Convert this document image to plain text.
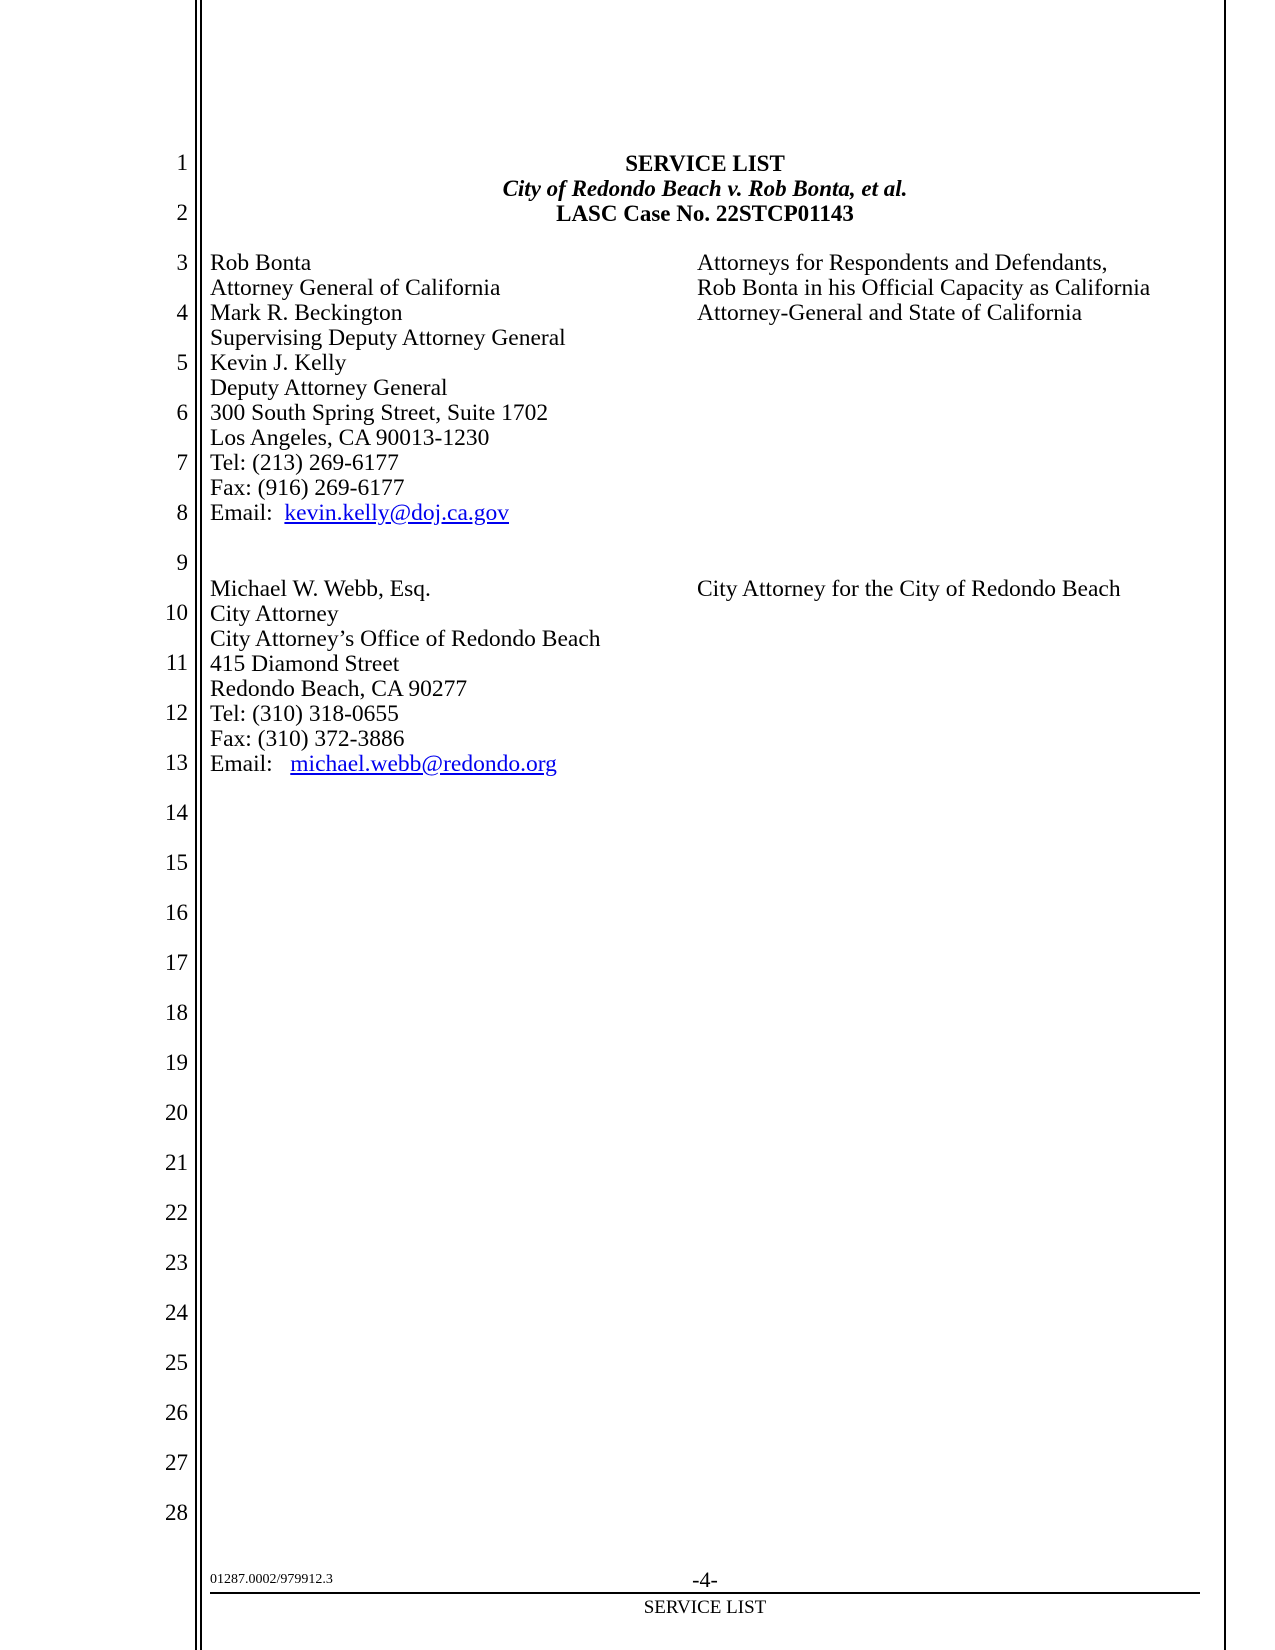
1
2
3
4
5
6
7
8
9
10
11
12
13
14
15
16
17
18
19
20
21
22
23
24
25
26
27
28
SERVICE LIST
City of Redondo Beach v. Rob Bonta, et al.
LASC Case No. 22STCP01143
Rob Bonta
Attorney General of California
Mark R. Beckington
Supervising Deputy Attorney General
Kevin J. Kelly
Deputy Attorney General
300 South Spring Street, Suite 1702
Los Angeles, CA 90013-1230
Tel: (213) 269-6177
Fax: (916) 269-6177
Email: kevin.kelly@doj.ca.gov
Attorneys for Respondents and Defendants,
Rob Bonta in his Official Capacity as California
Attorney-General and State of California
Michael W. Webb, Esq.
City Attorney
City Attorney’s Office of Redondo Beach
415 Diamond Street
Redondo Beach, CA 90277
Tel: (310) 318-0655
Fax: (310) 372-3886
Email: michael.webb@redondo.org
City Attorney for the City of Redondo Beach
01287.0002/979912.3	-4-
SERVICE LIST
